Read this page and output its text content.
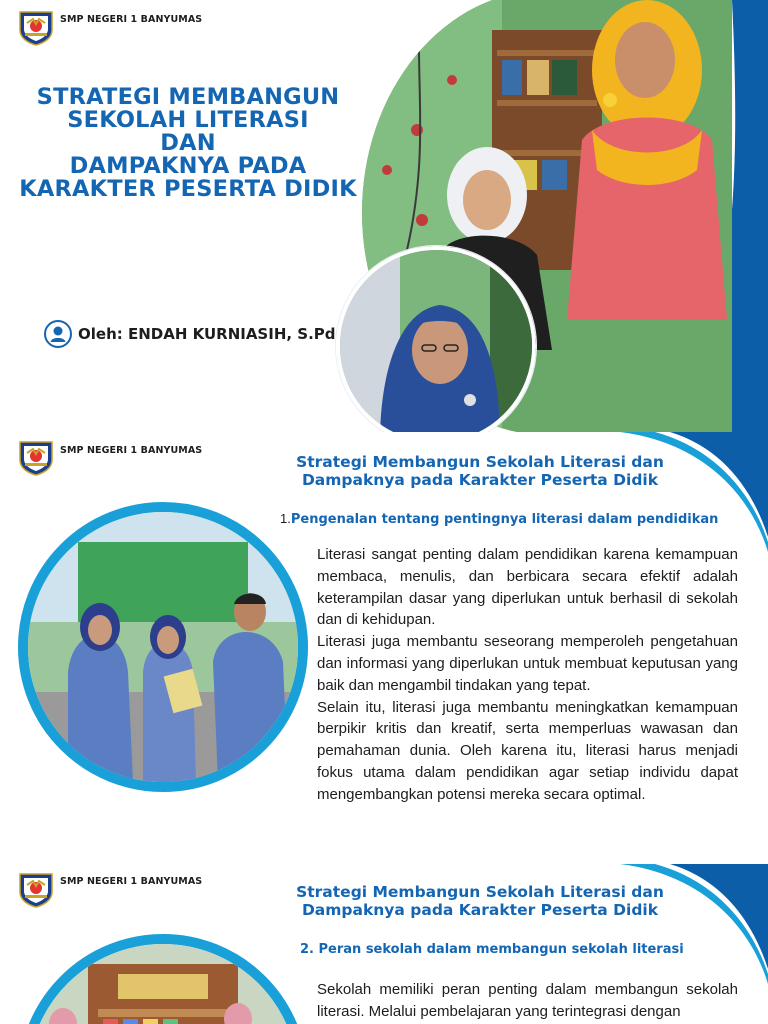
SMP NEGERI 1 BANYUMAS
STRATEGI MEMBANGUN
SEKOLAH LITERASI
DAN
DAMPAKNYA PADA
KARAKTER PESERTA DIDIK
Oleh: ENDAH KURNIASIH, S.Pd
SMP NEGERI 1 BANYUMAS
Strategi Membangun Sekolah Literasi dan
Dampaknya pada Karakter Peserta Didik
1.Pengenalan tentang pentingnya literasi dalam pendidikan

Literasi sangat penting dalam pendidikan karena kemampuan membaca, menulis, dan berbicara secara efektif adalah keterampilan dasar yang diperlukan untuk berhasil di sekolah dan di kehidupan.

Literasi juga membantu seseorang memperoleh pengetahuan dan informasi yang diperlukan untuk membuat keputusan yang baik dan mengambil tindakan yang tepat.

Selain itu, literasi juga membantu meningkatkan kemampuan berpikir kritis dan kreatif, serta memperluas wawasan dan pemahaman dunia. Oleh karena itu, literasi harus menjadi fokus utama dalam pendidikan agar setiap individu dapat mengembangkan potensi mereka secara optimal.

SMP NEGERI 1 BANYUMAS
Strategi Membangun Sekolah Literasi dan
Dampaknya pada Karakter Peserta Didik
2. Peran sekolah dalam membangun sekolah literasi

Sekolah memiliki peran penting dalam membangun sekolah literasi. Melalui pembelajaran yang terintegrasi dengan
